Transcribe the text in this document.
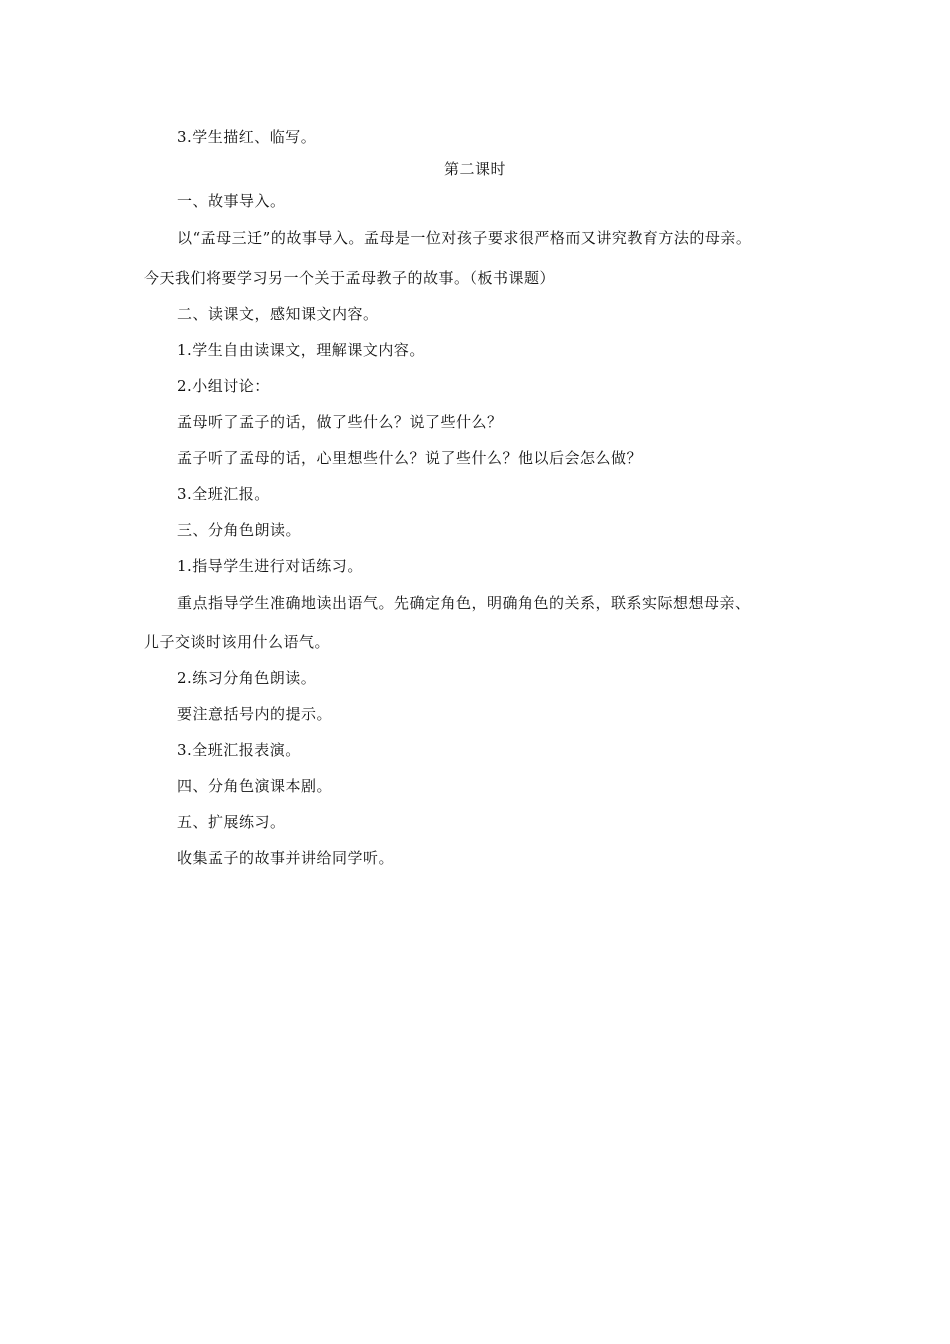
3.学生描红、临写。
第二课时
一、故事导入。
以“孟母三迁”的故事导入。孟母是一位对孩子要求很严格而又讲究教育方法的母亲。
今天我们将要学习另一个关于孟母教子的故事。（板书课题）
二、读课文，感知课文内容。
1.学生自由读课文，理解课文内容。
2.小组讨论：
孟母听了孟子的话，做了些什么？说了些什么？
孟子听了孟母的话，心里想些什么？说了些什么？他以后会怎么做？
3.全班汇报。
三、分角色朗读。
1.指导学生进行对话练习。
重点指导学生准确地读出语气。先确定角色，明确角色的关系，联系实际想想母亲、
儿子交谈时该用什么语气。
2.练习分角色朗读。
要注意括号内的提示。
3.全班汇报表演。
四、分角色演课本剧。
五、扩展练习。
收集孟子的故事并讲给同学听。
